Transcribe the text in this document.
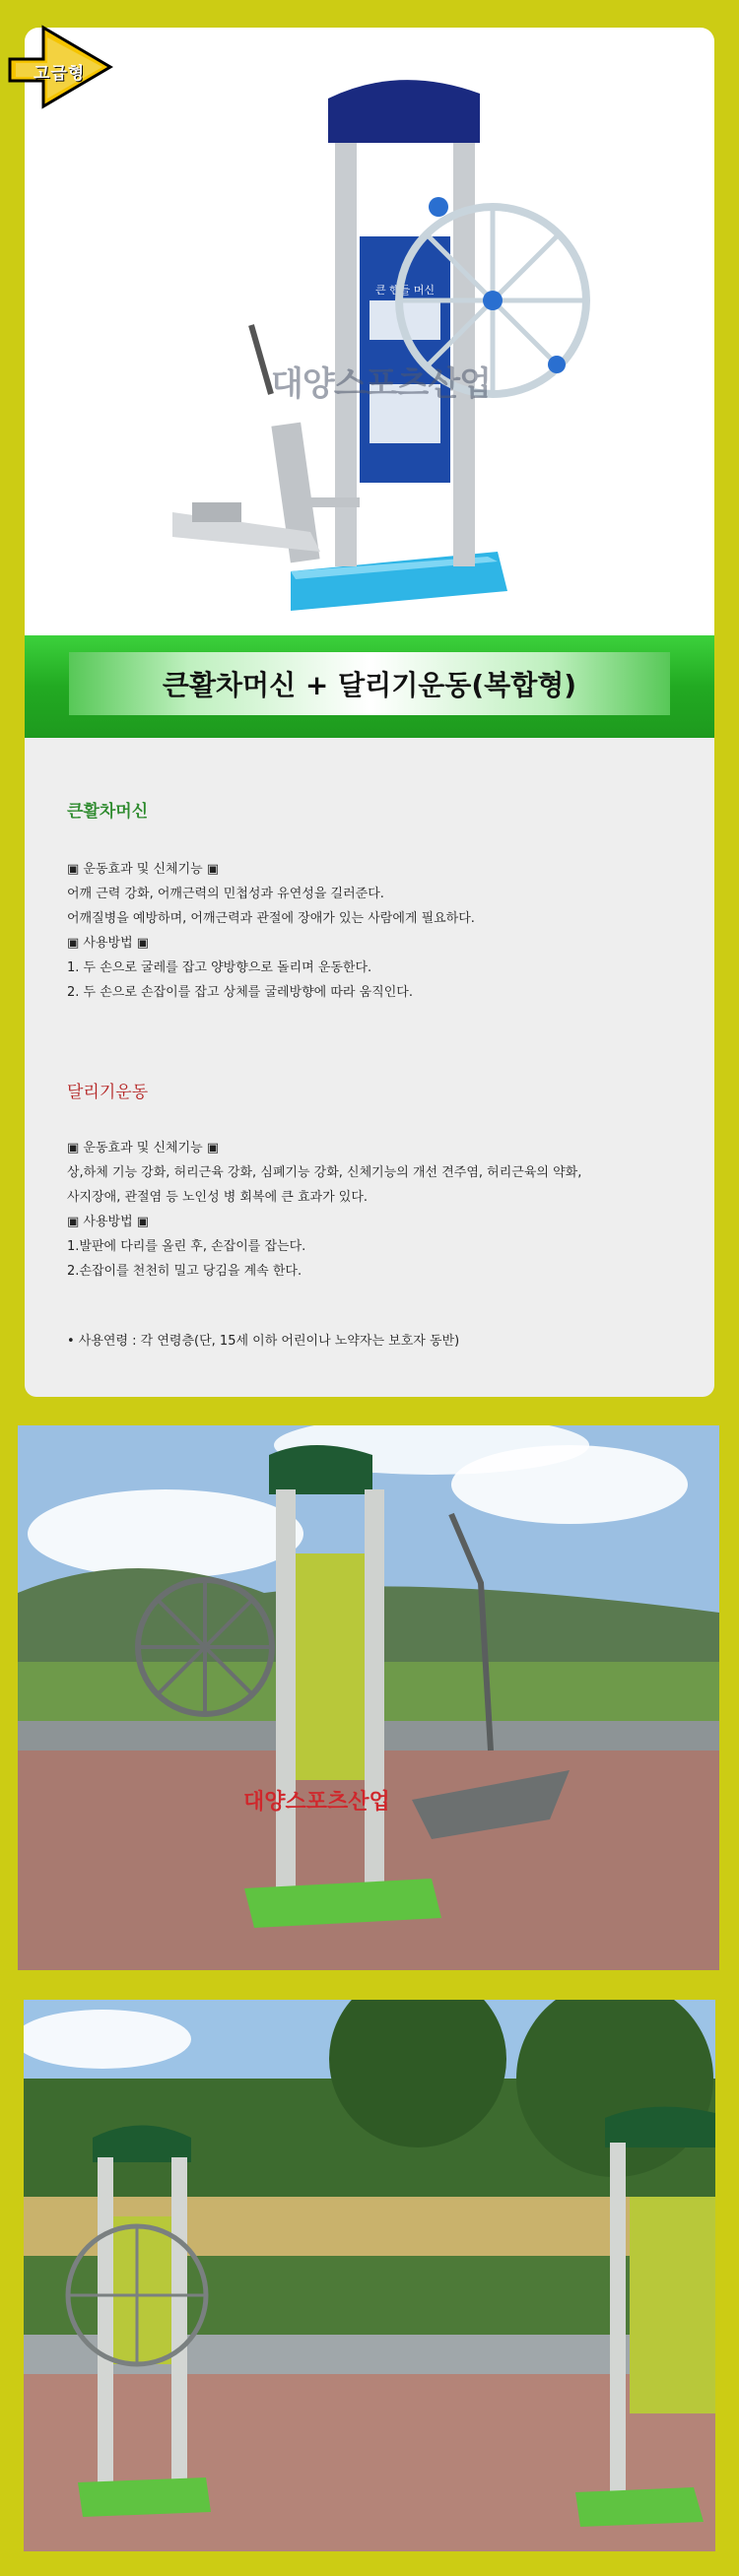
고급형
큰 핸들 머신
대양스포츠산업
큰활차머신 + 달리기운동(복합형)
큰활차머신
▣ 운동효과 및 신체기능 ▣
어깨 근력 강화, 어깨근력의 민첩성과 유연성을 길러준다.
어깨질병을 예방하며, 어깨근력과 관절에 장애가 있는 사람에게 필요하다.
▣ 사용방법 ▣
1. 두 손으로 굴레를 잡고 양방향으로 돌리며 운동한다.
2. 두 손으로 손잡이를 잡고 상체를 굴레방향에 따라 움직인다.
달리기운동
▣ 운동효과 및 신체기능 ▣
상,하체 기능 강화, 허리근육 강화, 심폐기능 강화, 신체기능의 개선 견주염, 허리근육의 약화,
사지장애, 관절염 등 노인성 병 회복에 큰 효과가 있다.
▣ 사용방법 ▣
1.발판에 다리를 올린 후, 손잡이를 잡는다.
2.손잡이를 천천히 밀고 당김을 계속 한다.
• 사용연령 : 각 연령층(단, 15세 이하 어린이나 노약자는 보호자 동반)
대양스포츠산업
